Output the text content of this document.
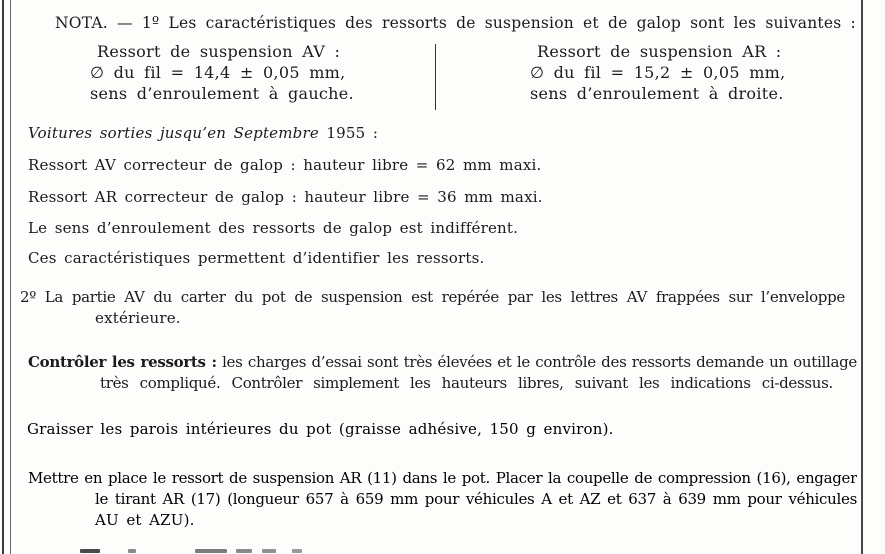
NOTA. — 1º Les caractéristiques des ressorts de suspension et de galop sont les suivantes :
Ressort de suspension AV :
∅ du fil = 14,4 ± 0,05 mm,
sens d’enroulement à gauche.
Ressort de suspension AR :
∅ du fil = 15,2 ± 0,05 mm,
sens d’enroulement à droite.
Voitures sorties jusqu’en Septembre 1955 :
Ressort AV correcteur de galop : hauteur libre = 62 mm maxi.
Ressort AR correcteur de galop : hauteur libre = 36 mm maxi.
Le sens d’enroulement des ressorts de galop est indifférent.
Ces caractéristiques permettent d’identifier les ressorts.
2º La partie AV du carter du pot de suspension est repérée par les lettres AV frappées sur l’enveloppe
extérieure.
Contrôler les ressorts : les charges d’essai sont très élevées et le contrôle des ressorts demande un outillage
très compliqué. Contrôler simplement les hauteurs libres, suivant les indications ci-dessus.
Graisser les parois intérieures du pot (graisse adhésive, 150 g environ).
Mettre en place le ressort de suspension AR (11) dans le pot. Placer la coupelle de compression (16), engager
le tirant AR (17) (longueur 657 à 659 mm pour véhicules A et AZ et 637 à 639 mm pour véhicules
AU et AZU).
